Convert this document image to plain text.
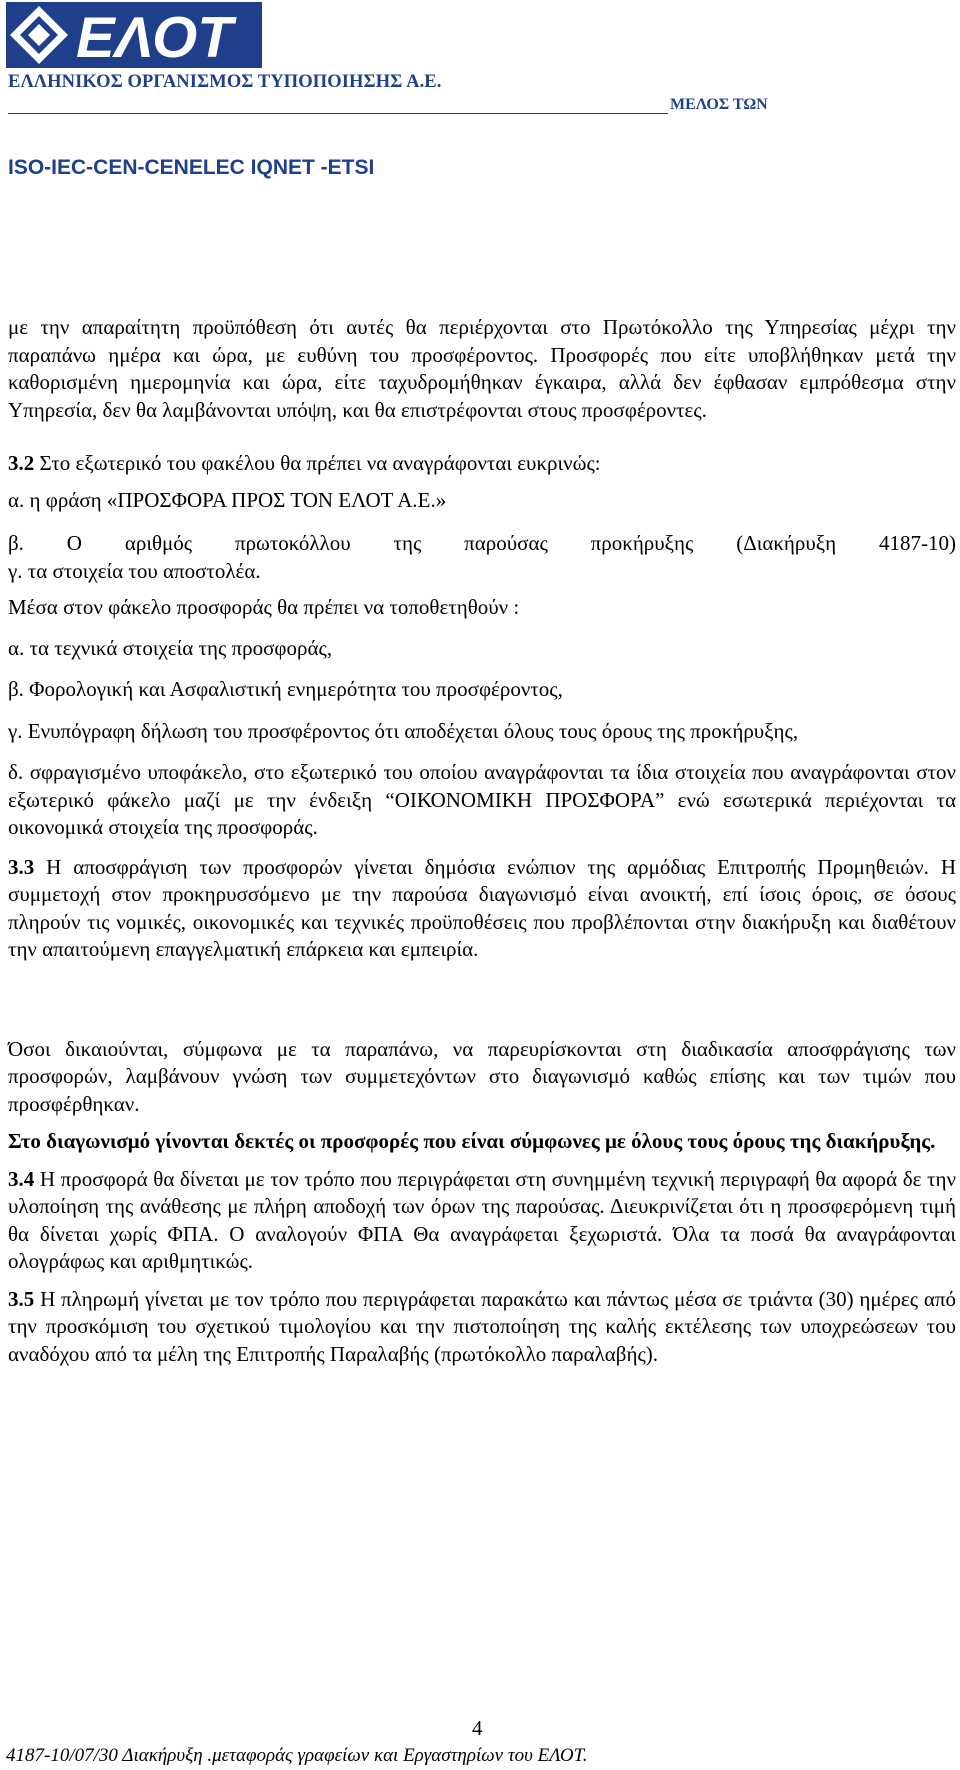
ΕΛΟΤ
ΕΛΛΗΝΙΚΟΣ ΟΡΓΑΝΙΣΜΟΣ ΤΥΠΟΠΟΙΗΣΗΣ Α.Ε.
ΜΕΛΟΣ ΤΩΝ
ISO-IEC-CEN-CENELEC IQNET -ETSI

με την απαραίτητη προϋπόθεση ότι αυτές θα περιέρχονται στο Πρωτόκολλο της Υπηρεσίας μέχρι την παραπάνω ημέρα και ώρα, με ευθύνη του προσφέροντος. Προσφορές που είτε υποβλήθηκαν μετά την καθορισμένη ημερομηνία και ώρα, είτε ταχυδρομήθηκαν έγκαιρα, αλλά δεν έφθασαν εμπρόθεσμα στην Υπηρεσία, δεν θα λαμβάνονται υπόψη, και θα επιστρέφονται στους προσφέροντες.

3.2 Στο εξωτερικό του φακέλου θα πρέπει να αναγράφονται ευκρινώς:

α. η φράση «ΠΡΟΣΦΟΡΑ ΠΡΟΣ ΤΟΝ ΕΛΟΤ Α.Ε.»

β. Ο αριθμός πρωτοκόλλου της παρούσας προκήρυξης (Διακήρυξη 4187-10)

γ. τα στοιχεία του αποστολέα.

Μέσα στον φάκελο προσφοράς θα πρέπει να τοποθετηθούν :

α. τα τεχνικά στοιχεία της προσφοράς,

β. Φορολογική και Ασφαλιστική ενημερότητα του προσφέροντος,

γ. Ενυπόγραφη δήλωση του προσφέροντος ότι αποδέχεται όλους τους όρους της προκήρυξης,

δ. σφραγισμένο υποφάκελο, στο εξωτερικό του οποίου αναγράφονται τα ίδια στοιχεία που αναγράφονται στον εξωτερικό φάκελο μαζί με την ένδειξη “ΟΙΚΟΝΟΜΙΚΗ ΠΡΟΣΦΟΡΑ” ενώ εσωτερικά περιέχονται τα οικονομικά στοιχεία της προσφοράς.

3.3 Η αποσφράγιση των προσφορών γίνεται δημόσια ενώπιον της αρμόδιας Επιτροπής Προμηθειών. Η συμμετοχή στον προκηρυσσόμενο με την παρούσα διαγωνισμό είναι ανοικτή, επί ίσοις όροις, σε όσους πληρούν τις νομικές, οικονομικές και τεχνικές προϋποθέσεις που προβλέπονται στην διακήρυξη και διαθέτουν την απαιτούμενη επαγγελματική επάρκεια και εμπειρία.

Όσοι δικαιούνται, σύμφωνα με τα παραπάνω, να παρευρίσκονται στη διαδικασία αποσφράγισης των προσφορών, λαμβάνουν γνώση των συμμετεχόντων στο διαγωνισμό καθώς επίσης και των τιμών που προσφέρθηκαν.

Στο διαγωνισμό γίνονται δεκτές οι προσφορές που είναι σύμφωνες με όλους τους όρους της διακήρυξης.

3.4 Η προσφορά θα δίνεται με τον τρόπο που περιγράφεται στη συνημμένη τεχνική περιγραφή θα αφορά δε την υλοποίηση της ανάθεσης με πλήρη αποδοχή των όρων της παρούσας. Διευκρινίζεται ότι η προσφερόμενη τιμή θα δίνεται χωρίς ΦΠΑ. Ο αναλογούν ΦΠΑ Θα αναγράφεται ξεχωριστά. Όλα τα ποσά θα αναγράφονται ολογράφως και αριθμητικώς.

3.5 Η πληρωμή γίνεται με τον τρόπο που περιγράφεται παρακάτω και πάντως μέσα σε τριάντα (30) ημέρες από την προσκόμιση του σχετικού τιμολογίου και την πιστοποίηση της καλής εκτέλεσης των υποχρεώσεων του αναδόχου από τα μέλη της Επιτροπής Παραλαβής (πρωτόκολλο παραλαβής).

4
4187-10/07/30 Διακήρυξη .μεταφοράς γραφείων και Εργαστηρίων του ΕΛΟΤ.
